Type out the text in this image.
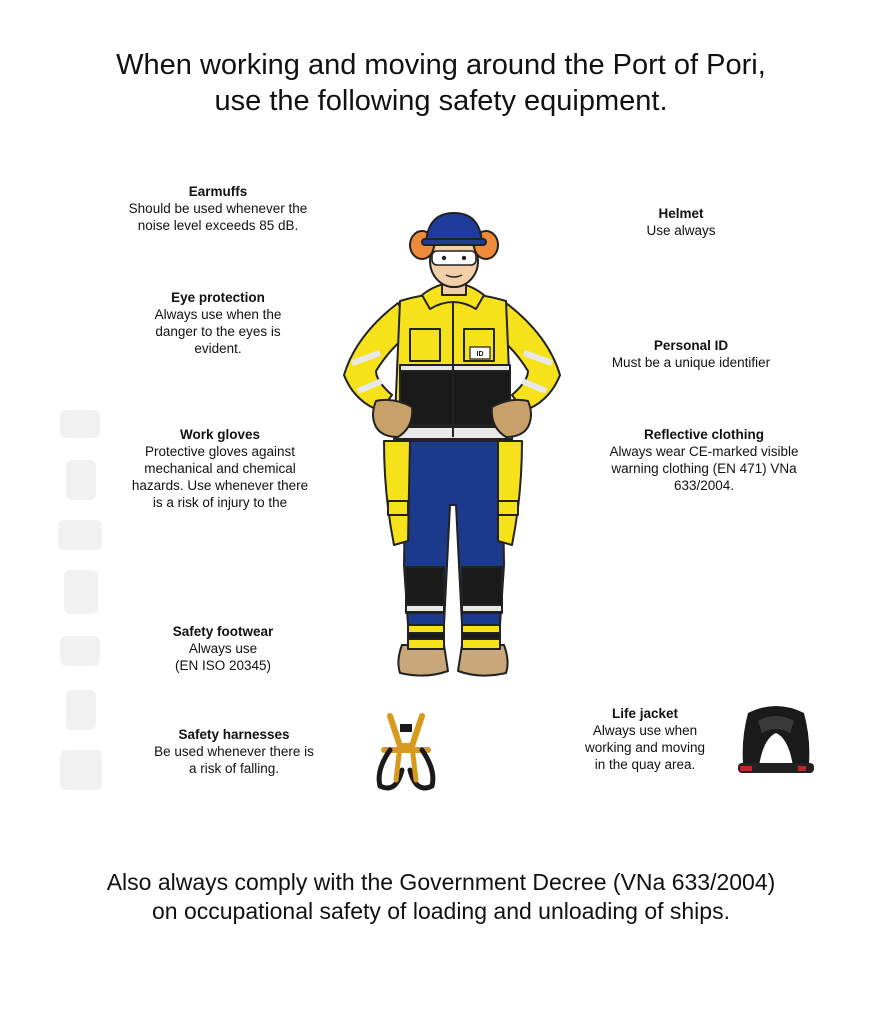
When working and moving around the Port of Pori,
use the following safety equipment.
Earmuffs
Should be used whenever the
noise level exceeds 85 dB.
Eye protection
Always use when the
danger to the eyes is
evident.
Work gloves
Protective gloves against
mechanical and chemical
hazards. Use whenever there
is a risk of injury to the
Safety footwear
Always use
(EN ISO 20345)
Safety harnesses
Be used whenever there is
a risk of falling.
Helmet
Use always
Personal ID
Must be a unique identifier
Reflective clothing
Always wear CE-marked visible
warning clothing (EN 471) VNa
633/2004.
Life jacket
Always use when
working and moving
in the quay area.
ID
Also always comply with the Government Decree (VNa 633/2004)
on occupational safety of loading and unloading of ships.
